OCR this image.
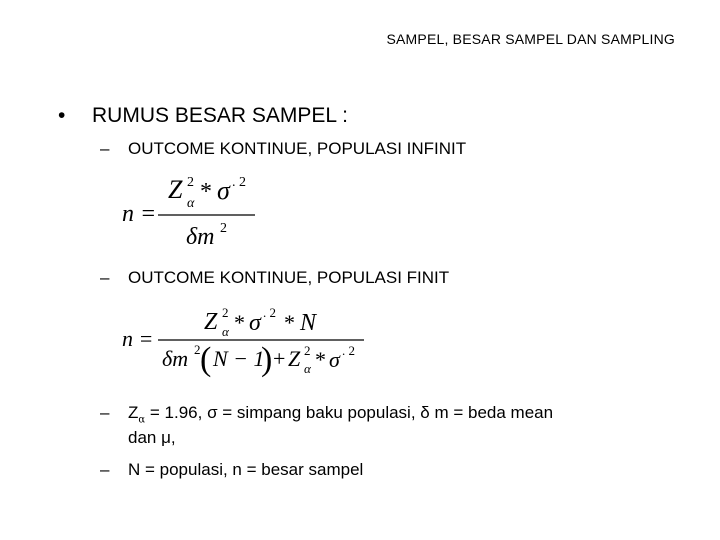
SAMPEL, BESAR SAMPEL DAN SAMPLING
• RUMUS BESAR SAMPEL :
– OUTCOME KONTINUE, POPULASI INFINIT
n =
Z 2
α * σ . 2
δm 2
– OUTCOME KONTINUE, POPULASI FINIT
n =
Z 2
α * σ . 2 * N
δm 2 ( N − 1
) + Z 2
α * σ . 2
– $Z_\alpha = 1.96$, σ = simpang baku populasi, δ m = beda mean
dan μ,
– N = populasi, n = besar sampel
